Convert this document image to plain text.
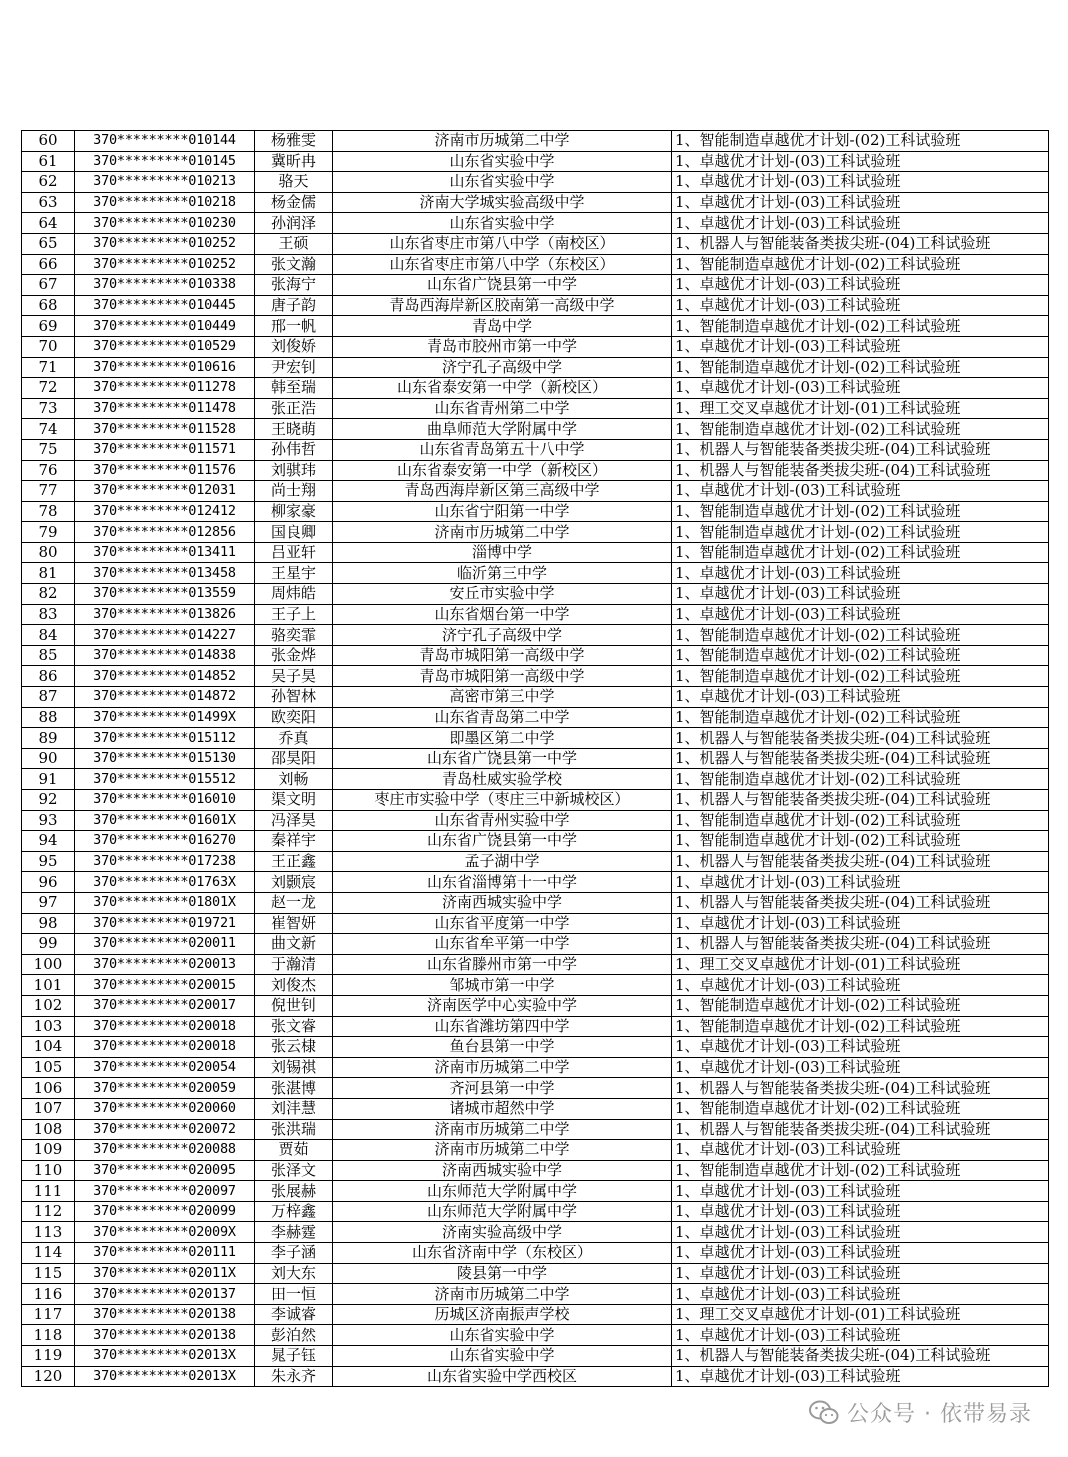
60	370*********010144	杨雅雯	济南市历城第二中学	1、智能制造卓越优才计划-(02)工科试验班
61	370*********010145	冀昕冉	山东省实验中学	1、卓越优才计划-(03)工科试验班
62	370*********010213	骆天	山东省实验中学	1、卓越优才计划-(03)工科试验班
63	370*********010218	杨金儒	济南大学城实验高级中学	1、卓越优才计划-(03)工科试验班
64	370*********010230	孙润泽	山东省实验中学	1、卓越优才计划-(03)工科试验班
65	370*********010252	王硕	山东省枣庄市第八中学（南校区）	1、机器人与智能装备类拔尖班-(04)工科试验班
66	370*********010252	张文瀚	山东省枣庄市第八中学（东校区）	1、智能制造卓越优才计划-(02)工科试验班
67	370*********010338	张海宁	山东省广饶县第一中学	1、卓越优才计划-(03)工科试验班
68	370*********010445	唐子韵	青岛西海岸新区胶南第一高级中学	1、卓越优才计划-(03)工科试验班
69	370*********010449	邢一帆	青岛中学	1、智能制造卓越优才计划-(02)工科试验班
70	370*********010529	刘俊娇	青岛市胶州市第一中学	1、卓越优才计划-(03)工科试验班
71	370*********010616	尹宏钊	济宁孔子高级中学	1、智能制造卓越优才计划-(02)工科试验班
72	370*********011278	韩至瑞	山东省泰安第一中学（新校区）	1、卓越优才计划-(03)工科试验班
73	370*********011478	张正浩	山东省青州第二中学	1、理工交叉卓越优才计划-(01)工科试验班
74	370*********011528	王晓萌	曲阜师范大学附属中学	1、智能制造卓越优才计划-(02)工科试验班
75	370*********011571	孙伟哲	山东省青岛第五十八中学	1、机器人与智能装备类拔尖班-(04)工科试验班
76	370*********011576	刘骐玮	山东省泰安第一中学（新校区）	1、机器人与智能装备类拔尖班-(04)工科试验班
77	370*********012031	尚士翔	青岛西海岸新区第三高级中学	1、卓越优才计划-(03)工科试验班
78	370*********012412	柳家豪	山东省宁阳第一中学	1、智能制造卓越优才计划-(02)工科试验班
79	370*********012856	国良卿	济南市历城第二中学	1、智能制造卓越优才计划-(02)工科试验班
80	370*********013411	吕亚轩	淄博中学	1、智能制造卓越优才计划-(02)工科试验班
81	370*********013458	王星宇	临沂第三中学	1、卓越优才计划-(03)工科试验班
82	370*********013559	周炜皓	安丘市实验中学	1、卓越优才计划-(03)工科试验班
83	370*********013826	王子上	山东省烟台第一中学	1、卓越优才计划-(03)工科试验班
84	370*********014227	骆奕霏	济宁孔子高级中学	1、智能制造卓越优才计划-(02)工科试验班
85	370*********014838	张金烨	青岛市城阳第一高级中学	1、智能制造卓越优才计划-(02)工科试验班
86	370*********014852	吴子昊	青岛市城阳第一高级中学	1、智能制造卓越优才计划-(02)工科试验班
87	370*********014872	孙智林	高密市第三中学	1、卓越优才计划-(03)工科试验班
88	370*********01499X	欧奕阳	山东省青岛第二中学	1、智能制造卓越优才计划-(02)工科试验班
89	370*********015112	乔真	即墨区第二中学	1、机器人与智能装备类拔尖班-(04)工科试验班
90	370*********015130	邵昊阳	山东省广饶县第一中学	1、机器人与智能装备类拔尖班-(04)工科试验班
91	370*********015512	刘畅	青岛杜威实验学校	1、智能制造卓越优才计划-(02)工科试验班
92	370*********016010	渠文明	枣庄市实验中学（枣庄三中新城校区）	1、机器人与智能装备类拔尖班-(04)工科试验班
93	370*********01601X	冯泽昊	山东省青州实验中学	1、智能制造卓越优才计划-(02)工科试验班
94	370*********016270	秦祥宇	山东省广饶县第一中学	1、智能制造卓越优才计划-(02)工科试验班
95	370*********017238	王正鑫	孟子湖中学	1、机器人与智能装备类拔尖班-(04)工科试验班
96	370*********01763X	刘颢宸	山东省淄博第十一中学	1、卓越优才计划-(03)工科试验班
97	370*********01801X	赵一龙	济南西城实验中学	1、机器人与智能装备类拔尖班-(04)工科试验班
98	370*********019721	崔智妍	山东省平度第一中学	1、卓越优才计划-(03)工科试验班
99	370*********020011	曲文新	山东省牟平第一中学	1、机器人与智能装备类拔尖班-(04)工科试验班
100	370*********020013	于瀚清	山东省滕州市第一中学	1、理工交叉卓越优才计划-(01)工科试验班
101	370*********020015	刘俊杰	邹城市第一中学	1、卓越优才计划-(03)工科试验班
102	370*********020017	倪世钊	济南医学中心实验中学	1、智能制造卓越优才计划-(02)工科试验班
103	370*********020018	张文睿	山东省潍坊第四中学	1、智能制造卓越优才计划-(02)工科试验班
104	370*********020018	张云棣	鱼台县第一中学	1、卓越优才计划-(03)工科试验班
105	370*********020054	刘锡祺	济南市历城第二中学	1、卓越优才计划-(03)工科试验班
106	370*********020059	张湛博	齐河县第一中学	1、机器人与智能装备类拔尖班-(04)工科试验班
107	370*********020060	刘沣慧	诸城市超然中学	1、智能制造卓越优才计划-(02)工科试验班
108	370*********020072	张洪瑞	济南市历城第二中学	1、机器人与智能装备类拔尖班-(04)工科试验班
109	370*********020088	贾茹	济南市历城第二中学	1、卓越优才计划-(03)工科试验班
110	370*********020095	张泽文	济南西城实验中学	1、智能制造卓越优才计划-(02)工科试验班
111	370*********020097	张展赫	山东师范大学附属中学	1、卓越优才计划-(03)工科试验班
112	370*********020099	万梓鑫	山东师范大学附属中学	1、卓越优才计划-(03)工科试验班
113	370*********02009X	李赫霆	济南实验高级中学	1、卓越优才计划-(03)工科试验班
114	370*********020111	李子涵	山东省济南中学（东校区）	1、卓越优才计划-(03)工科试验班
115	370*********02011X	刘大东	陵县第一中学	1、卓越优才计划-(03)工科试验班
116	370*********020137	田一恒	济南市历城第二中学	1、卓越优才计划-(03)工科试验班
117	370*********020138	李诚睿	历城区济南振声学校	1、理工交叉卓越优才计划-(01)工科试验班
118	370*********020138	彭泊然	山东省实验中学	1、卓越优才计划-(03)工科试验班
119	370*********02013X	晁子钰	山东省实验中学	1、机器人与智能装备类拔尖班-(04)工科试验班
120	370*********02013X	朱永齐	山东省实验中学西校区	1、卓越优才计划-(03)工科试验班
公众号 · 依带易录
